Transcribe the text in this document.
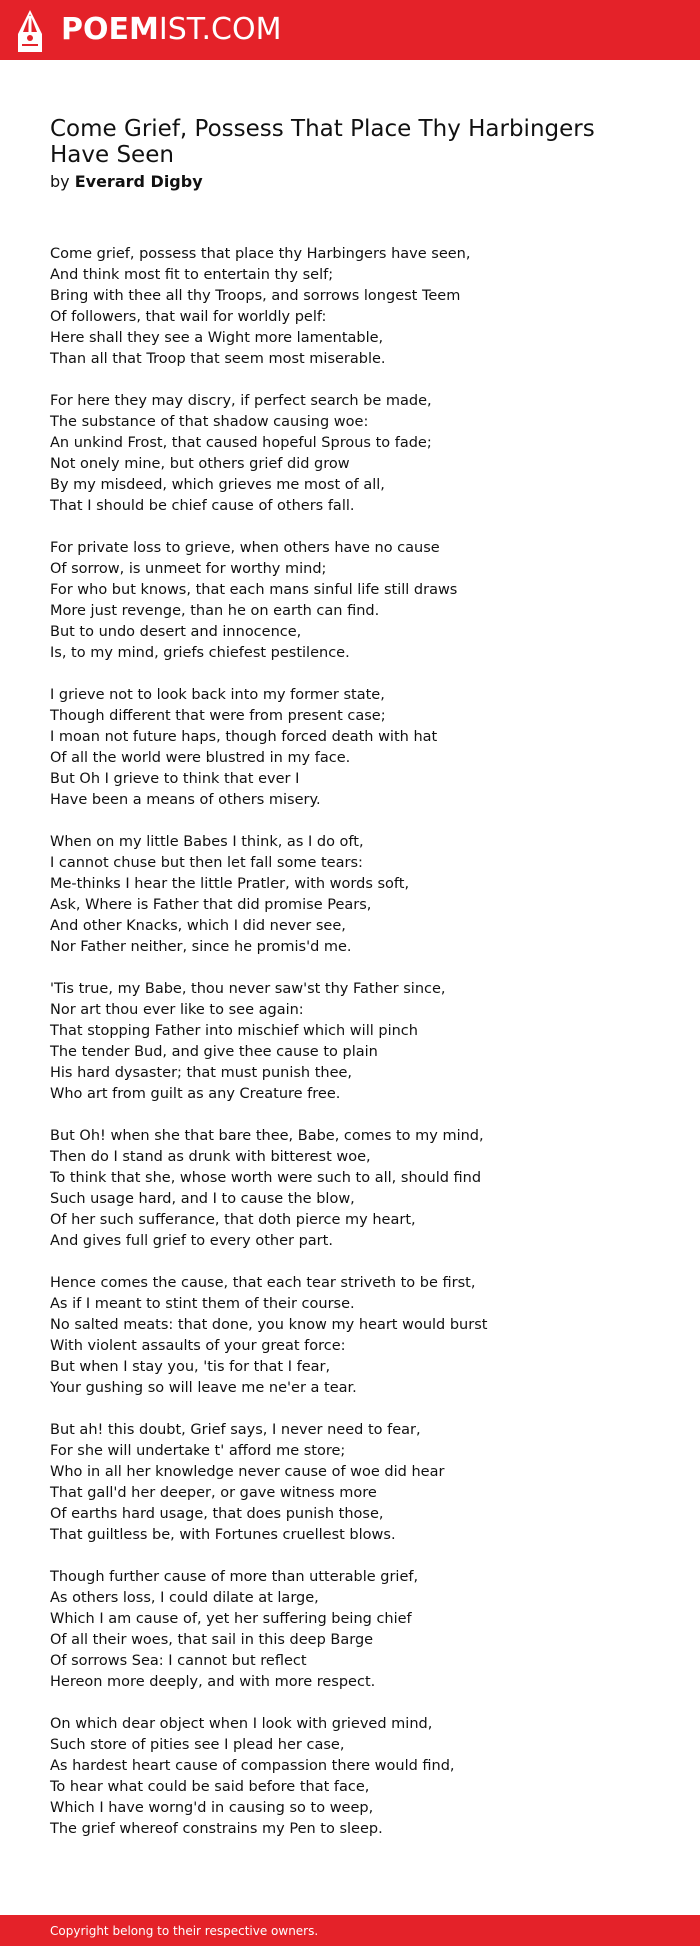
POEMIST.COM
Come Grief, Possess That Place Thy Harbingers Have Seen
by Everard Digby
Come grief, possess that place thy Harbingers have seen,
And think most fit to entertain thy self;
Bring with thee all thy Troops, and sorrows longest Teem
Of followers, that wail for worldly pelf:
Here shall they see a Wight more lamentable,
Than all that Troop that seem most miserable.
For here they may discry, if perfect search be made,
The substance of that shadow causing woe:
An unkind Frost, that caused hopeful Sprous to fade;
Not onely mine, but others grief did grow
By my misdeed, which grieves me most of all,
That I should be chief cause of others fall.
For private loss to grieve, when others have no cause
Of sorrow, is unmeet for worthy mind;
For who but knows, that each mans sinful life still draws
More just revenge, than he on earth can find.
But to undo desert and innocence,
Is, to my mind, griefs chiefest pestilence.
I grieve not to look back into my former state,
Though different that were from present case;
I moan not future haps, though forced death with hat
Of all the world were blustred in my face.
But Oh I grieve to think that ever I
Have been a means of others misery.
When on my little Babes I think, as I do oft,
I cannot chuse but then let fall some tears:
Me-thinks I hear the little Pratler, with words soft,
Ask, Where is Father that did promise Pears,
And other Knacks, which I did never see,
Nor Father neither, since he promis'd me.
'Tis true, my Babe, thou never saw'st thy Father since,
Nor art thou ever like to see again:
That stopping Father into mischief which will pinch
The tender Bud, and give thee cause to plain
His hard dysaster; that must punish thee,
Who art from guilt as any Creature free.
But Oh! when she that bare thee, Babe, comes to my mind,
Then do I stand as drunk with bitterest woe,
To think that she, whose worth were such to all, should find
Such usage hard, and I to cause the blow,
Of her such sufferance, that doth pierce my heart,
And gives full grief to every other part.
Hence comes the cause, that each tear striveth to be first,
As if I meant to stint them of their course.
No salted meats: that done, you know my heart would burst
With violent assaults of your great force:
But when I stay you, 'tis for that I fear,
Your gushing so will leave me ne'er a tear.
But ah! this doubt, Grief says, I never need to fear,
For she will undertake t' afford me store;
Who in all her knowledge never cause of woe did hear
That gall'd her deeper, or gave witness more
Of earths hard usage, that does punish those,
That guiltless be, with Fortunes cruellest blows.
Though further cause of more than utterable grief,
As others loss, I could dilate at large,
Which I am cause of, yet her suffering being chief
Of all their woes, that sail in this deep Barge
Of sorrows Sea: I cannot but reflect
Hereon more deeply, and with more respect.
On which dear object when I look with grieved mind,
Such store of pities see I plead her case,
As hardest heart cause of compassion there would find,
To hear what could be said before that face,
Which I have worng'd in causing so to weep,
The grief whereof constrains my Pen to sleep.
Copyright belong to their respective owners.
